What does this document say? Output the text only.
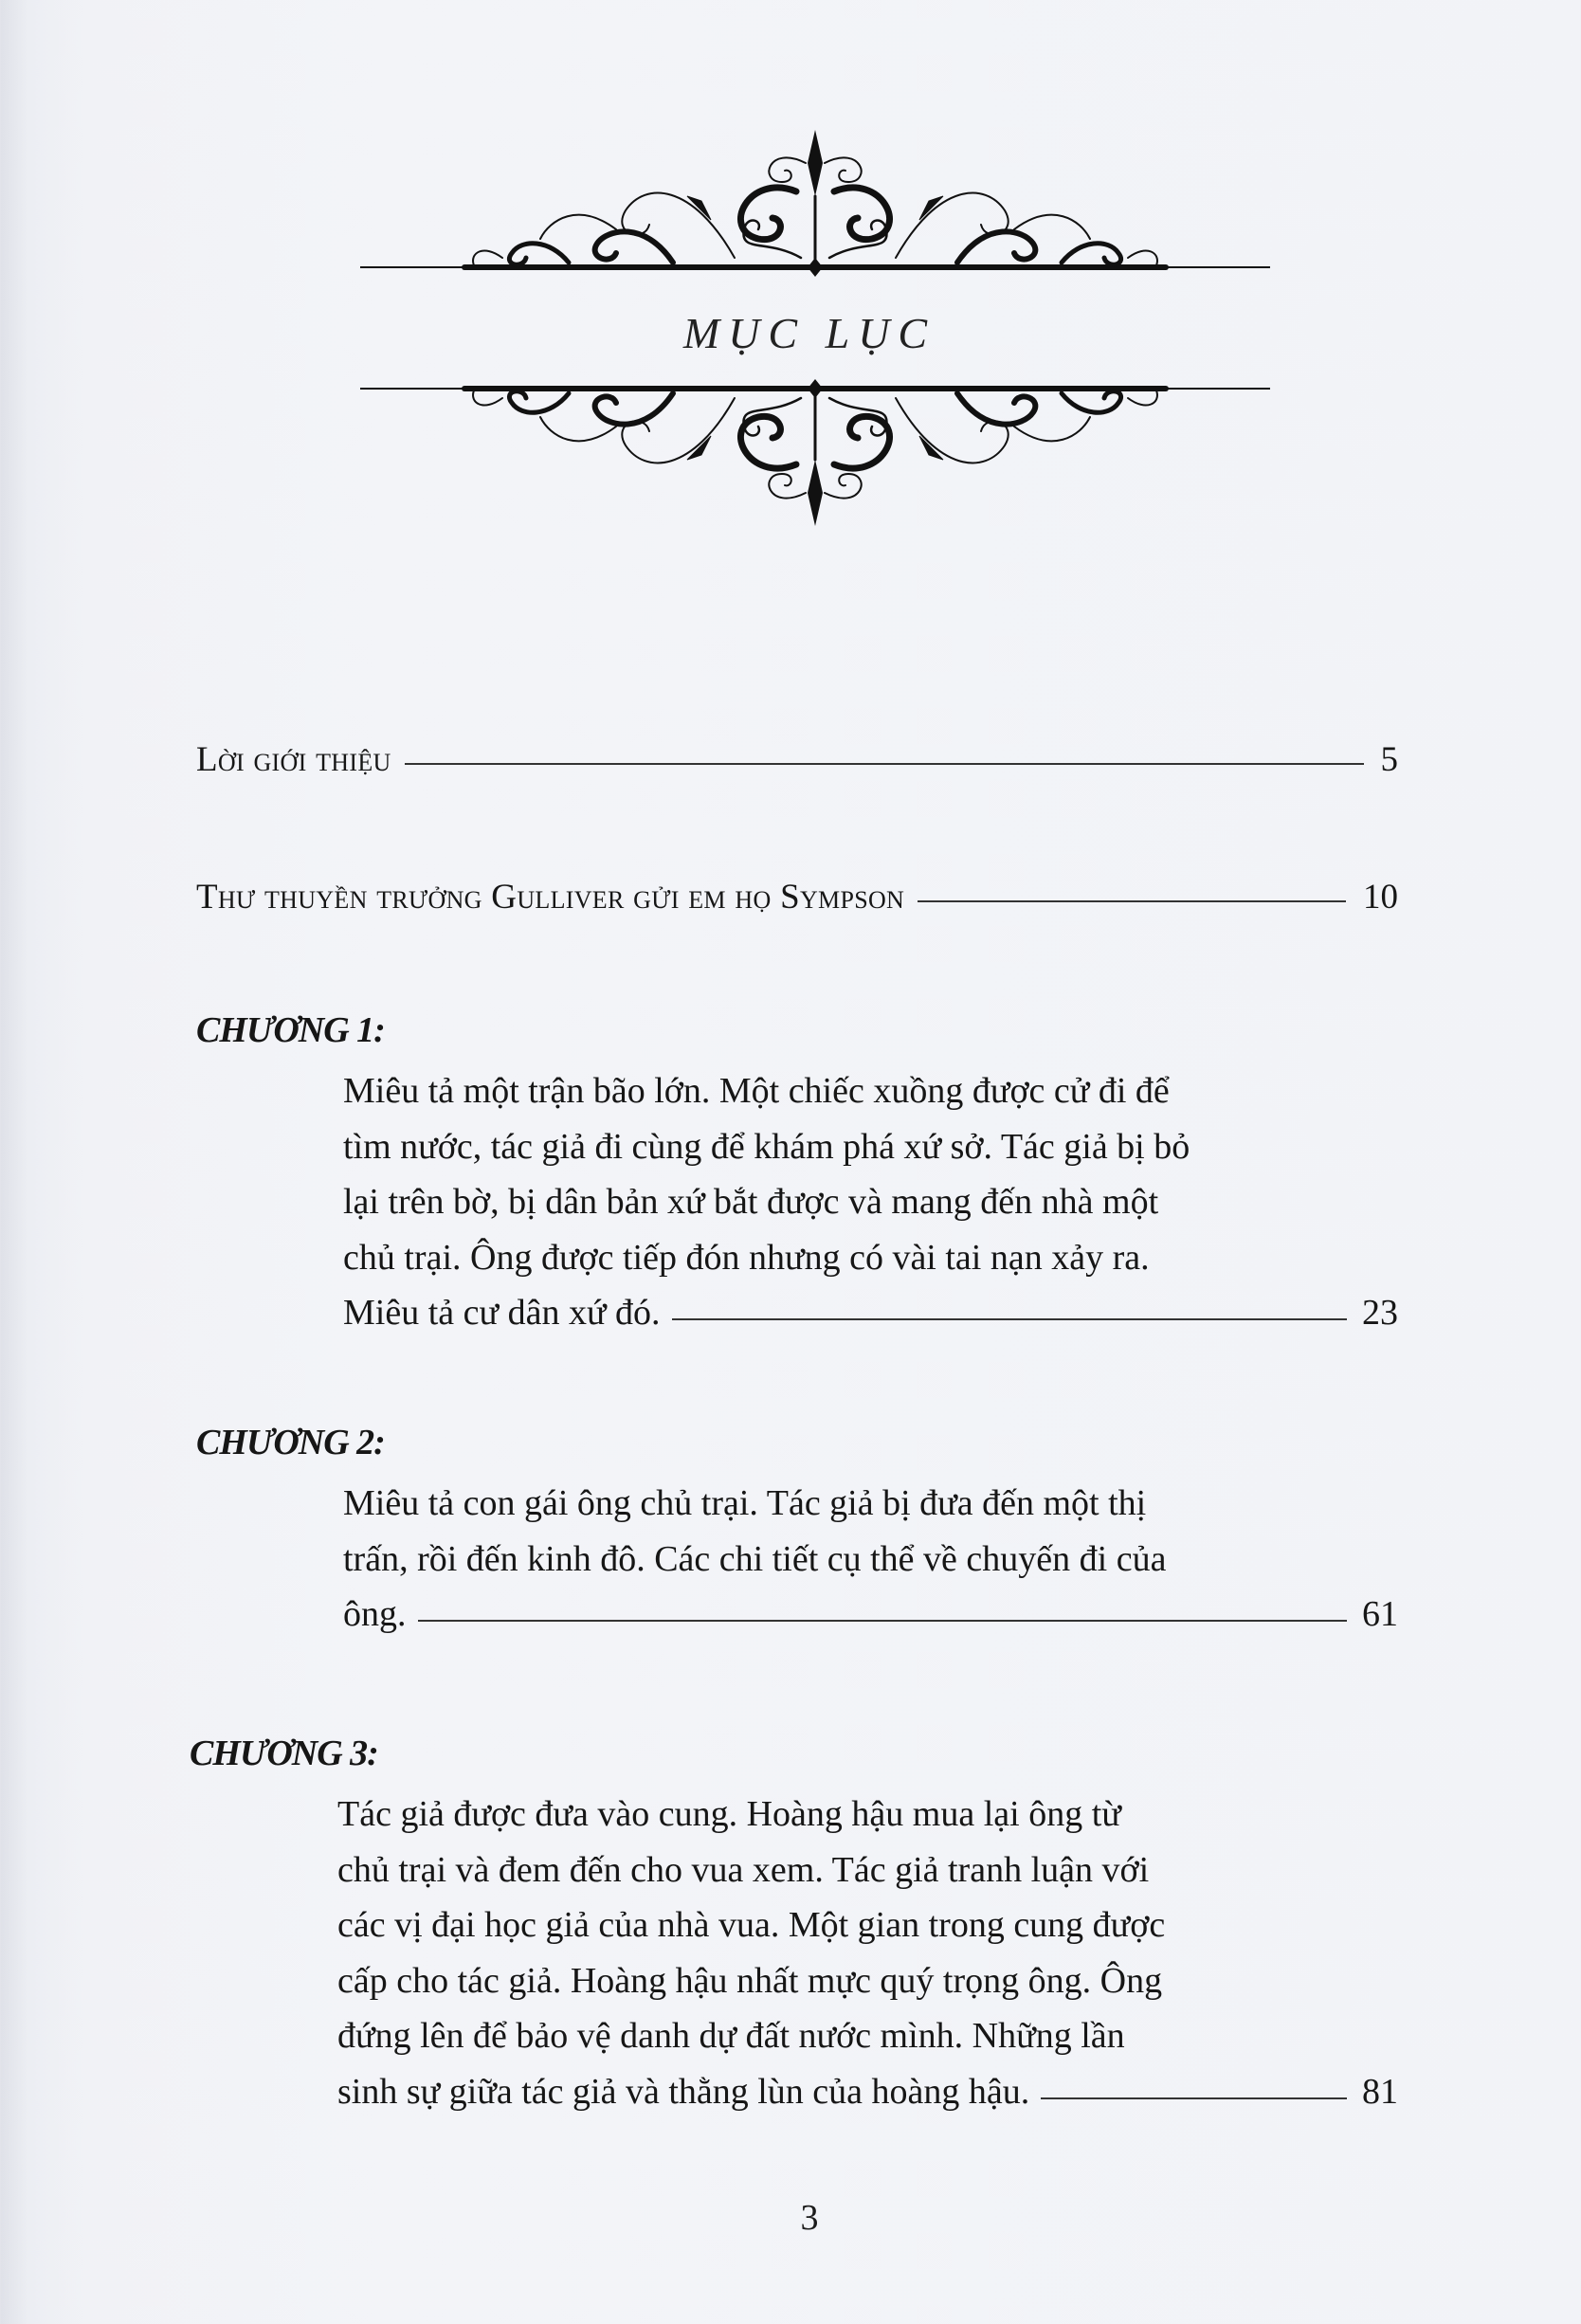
MỤC LỤC
Lời giới thiệu	5
Thư thuyền trưởng Gulliver gửi em họ Sympson	10
CHƯƠNG 1:
Miêu tả một trận bão lớn. Một chiếc xuồng được cử đi để
tìm nước, tác giả đi cùng để khám phá xứ sở. Tác giả bị bỏ
lại trên bờ, bị dân bản xứ bắt được và mang đến nhà một
chủ trại. Ông được tiếp đón nhưng có vài tai nạn xảy ra.
Miêu tả cư dân xứ đó.	23
CHƯƠNG 2:
Miêu tả con gái ông chủ trại. Tác giả bị đưa đến một thị
trấn, rồi đến kinh đô. Các chi tiết cụ thể về chuyến đi của
ông.	61
CHƯƠNG 3:
Tác giả được đưa vào cung. Hoàng hậu mua lại ông từ
chủ trại và đem đến cho vua xem. Tác giả tranh luận với
các vị đại học giả của nhà vua. Một gian trong cung được
cấp cho tác giả. Hoàng hậu nhất mực quý trọng ông. Ông
đứng lên để bảo vệ danh dự đất nước mình. Những lần
sinh sự giữa tác giả và thằng lùn của hoàng hậu.	81
3
